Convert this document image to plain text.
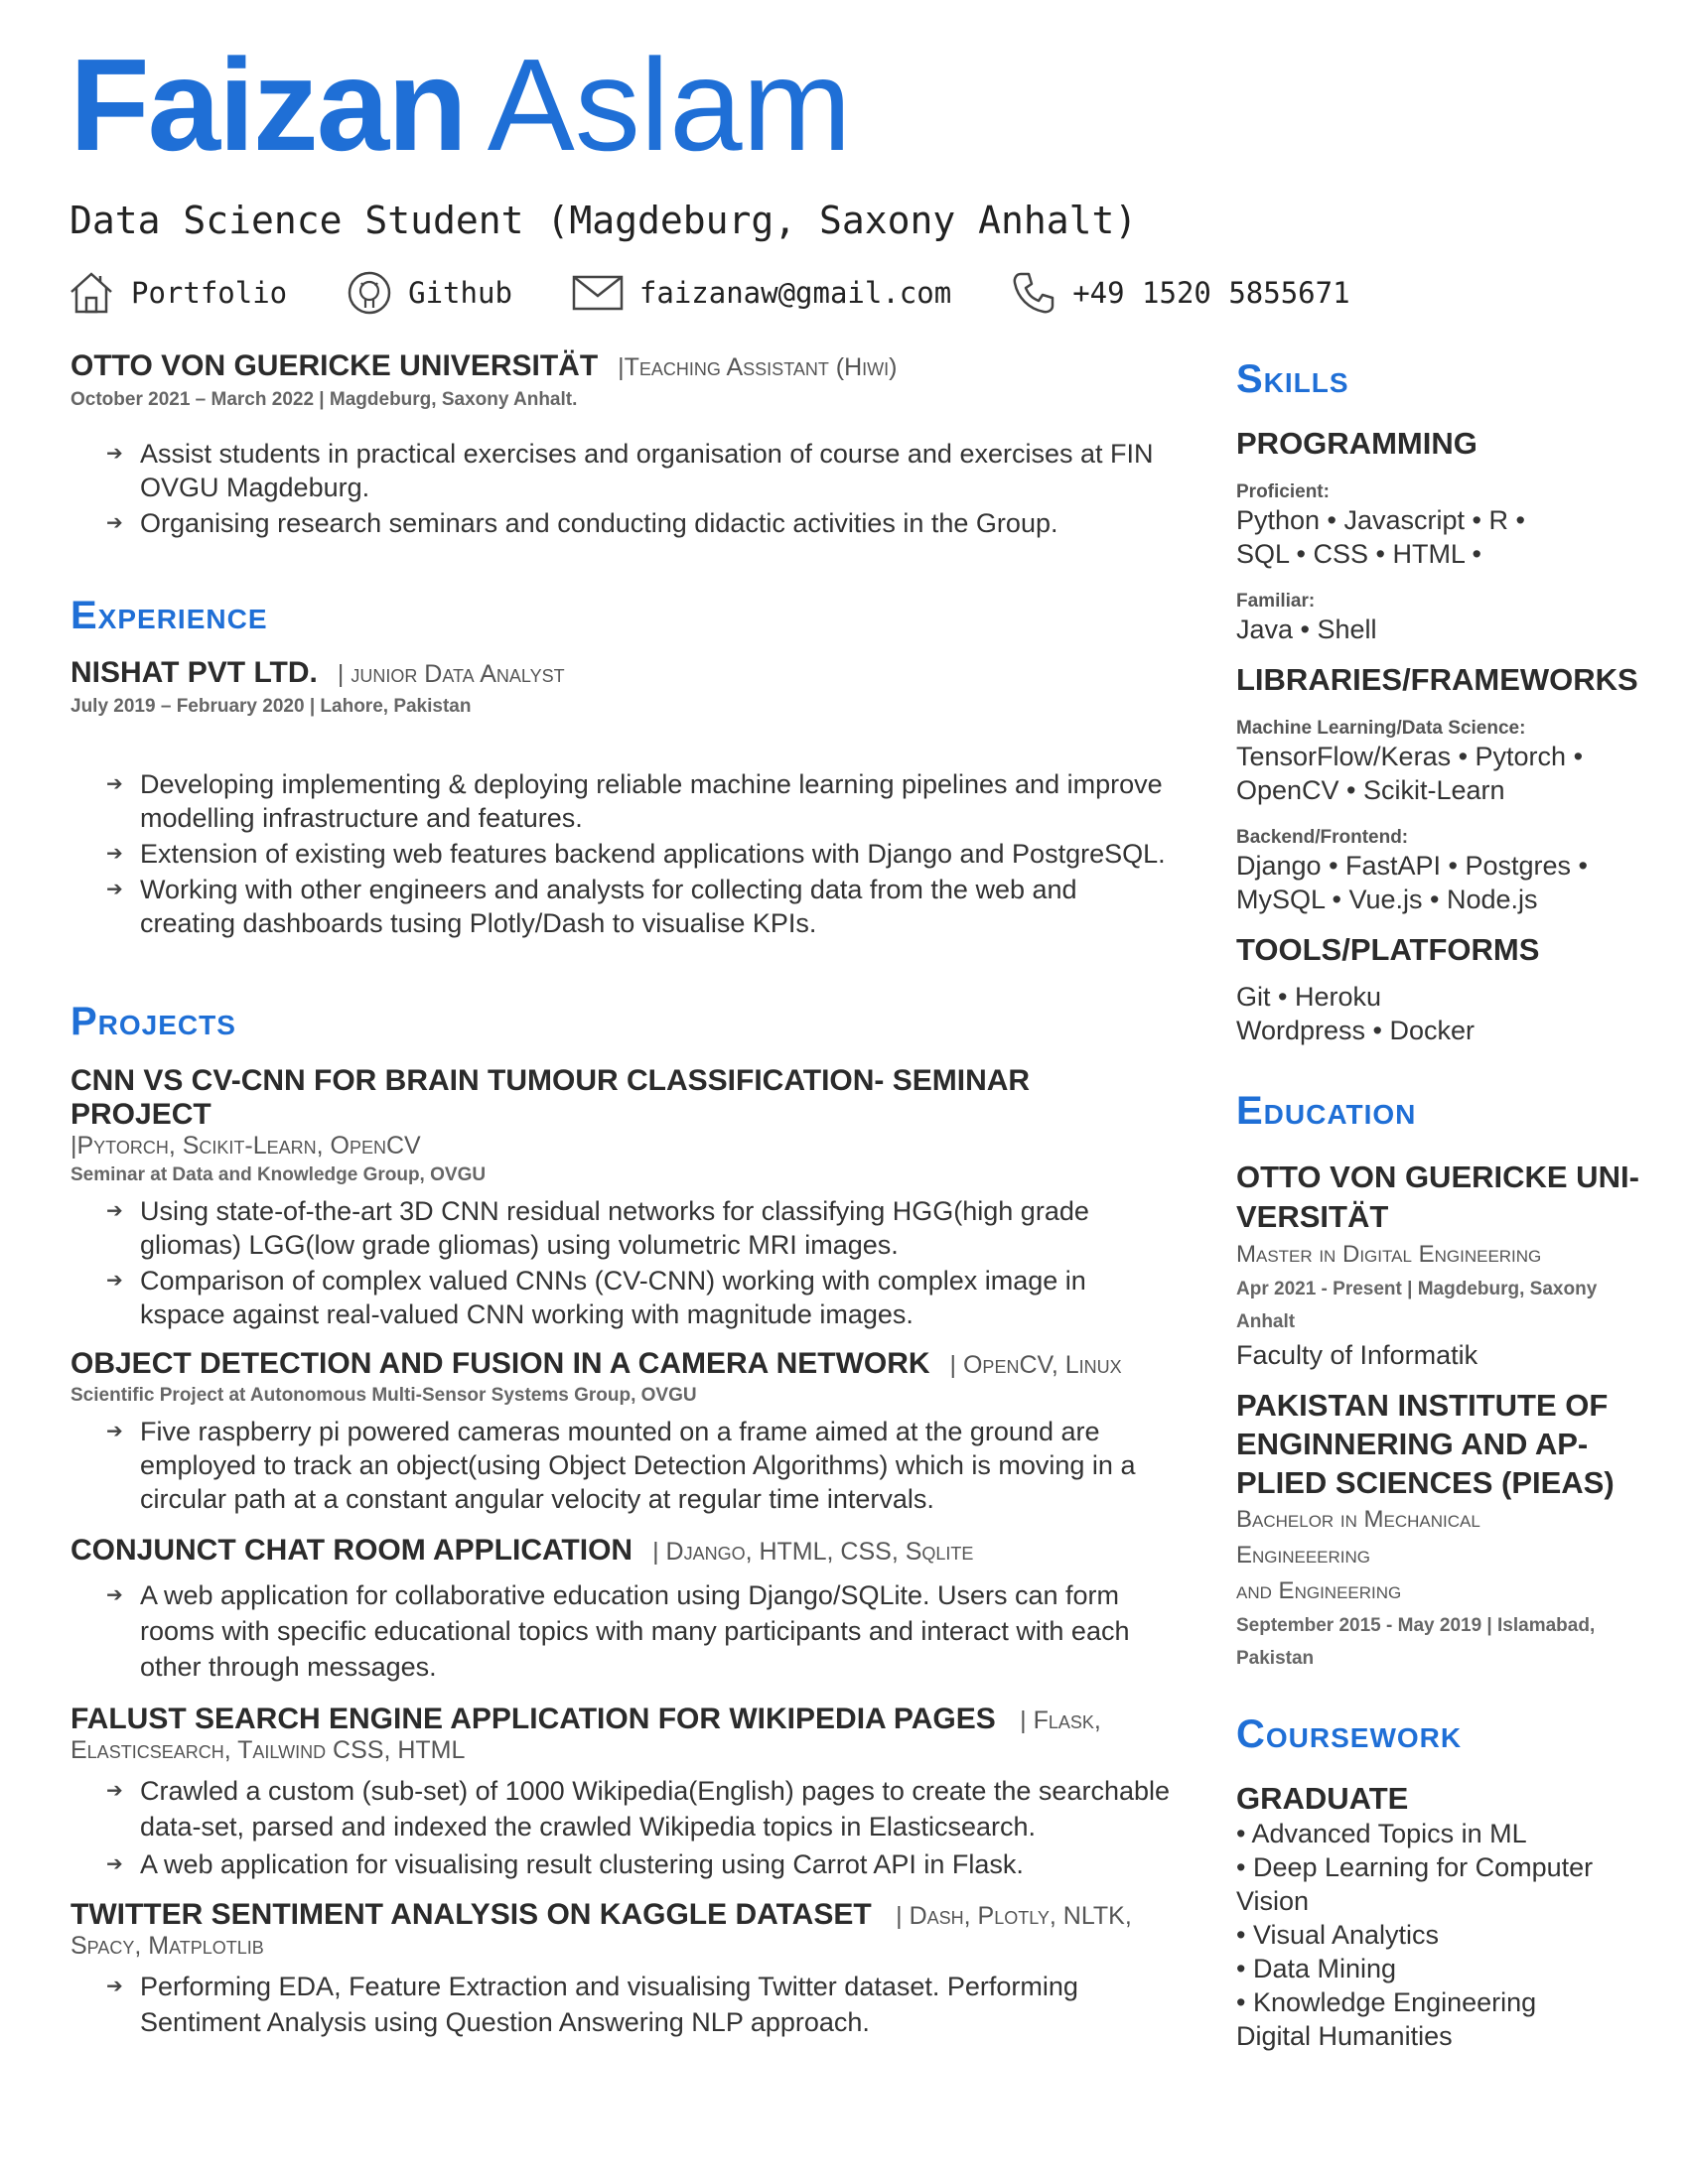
Faizan Aslam
Data Science Student (Magdeburg, Saxony Anhalt)
Portfolio	Github	faizanaw@gmail.com	+49 1520 5855671
OTTO VON GUERICKE UNIVERSITÄT |Teaching Assistant (Hiwi)
October 2021 – March 2022 | Magdeburg, Saxony Anhalt.
➔ Assist students in practical exercises and organisation of course and exercises at FIN OVGU Magdeburg.
➔ Organising research seminars and conducting didactic activities in the Group.
Experience
NISHAT PVT LTD. | junior Data Analyst
July 2019 – February 2020 | Lahore, Pakistan
➔ Developing implementing & deploying reliable machine learning pipelines and improve modelling infrastructure and features.
➔ Extension of existing web features backend applications with Django and PostgreSQL.
➔ Working with other engineers and analysts for collecting data from the web and creating dashboards tusing Plotly/Dash to visualise KPIs.
Projects
CNN VS CV-CNN FOR BRAIN TUMOUR CLASSIFICATION- SEMINAR PROJECT
|Pytorch, Scikit-Learn, OpenCV
Seminar at Data and Knowledge Group, OVGU
➔ Using state-of-the-art 3D CNN residual networks for classifying HGG(high grade gliomas) LGG(low grade gliomas) using volumetric MRI images.
➔ Comparison of complex valued CNNs (CV-CNN) working with complex image in kspace against real-valued CNN working with magnitude images.
OBJECT DETECTION AND FUSION IN A CAMERA NETWORK | OpenCV, Linux
Scientific Project at Autonomous Multi-Sensor Systems Group, OVGU
➔ Five raspberry pi powered cameras mounted on a frame aimed at the ground are employed to track an object(using Object Detection Algorithms) which is moving in a circular path at a constant angular velocity at regular time intervals.
CONJUNCT CHAT ROOM APPLICATION | Django, HTML, CSS, Sqlite
➔ A web application for collaborative education using Django/SQLite. Users can form rooms with specific educational topics with many participants and interact with each other through messages.
FALUST SEARCH ENGINE APPLICATION FOR WIKIPEDIA PAGES | Flask, Elasticsearch, Tailwind CSS, HTML
➔ Crawled a custom (sub-set) of 1000 Wikipedia(English) pages to create the searchable data-set, parsed and indexed the crawled Wikipedia topics in Elasticsearch.
➔ A web application for visualising result clustering using Carrot API in Flask.
TWITTER SENTIMENT ANALYSIS ON KAGGLE DATASET | Dash, Plotly, NLTK, Spacy, Matplotlib
➔ Performing EDA, Feature Extraction and visualising Twitter dataset. Performing Sentiment Analysis using Question Answering NLP approach.
Skills
PROGRAMMING
Proficient:
Python • Javascript • R •
SQL • CSS • HTML •
Familiar:
Java • Shell
LIBRARIES/FRAMEWORKS
Machine Learning/Data Science:
TensorFlow/Keras • Pytorch •
OpenCV • Scikit-Learn
Backend/Frontend:
Django • FastAPI • Postgres •
MySQL • Vue.js • Node.js
TOOLS/PLATFORMS
Git • Heroku
Wordpress • Docker
Education
OTTO VON GUERICKE UNI-
VERSITÄT
Master in Digital Engineering
Apr 2021 - Present | Magdeburg, Saxony
Anhalt
Faculty of Informatik
PAKISTAN INSTITUTE OF
ENGINNERING AND AP-
PLIED SCIENCES (PIEAS)
Bachelor in Mechanical
Engineeering
and Engineering
September 2015 - May 2019 | Islamabad,
Pakistan
Coursework
GRADUATE
• Advanced Topics in ML
• Deep Learning for Computer
Vision
• Visual Analytics
• Data Mining
• Knowledge Engineering
Digital Humanities
